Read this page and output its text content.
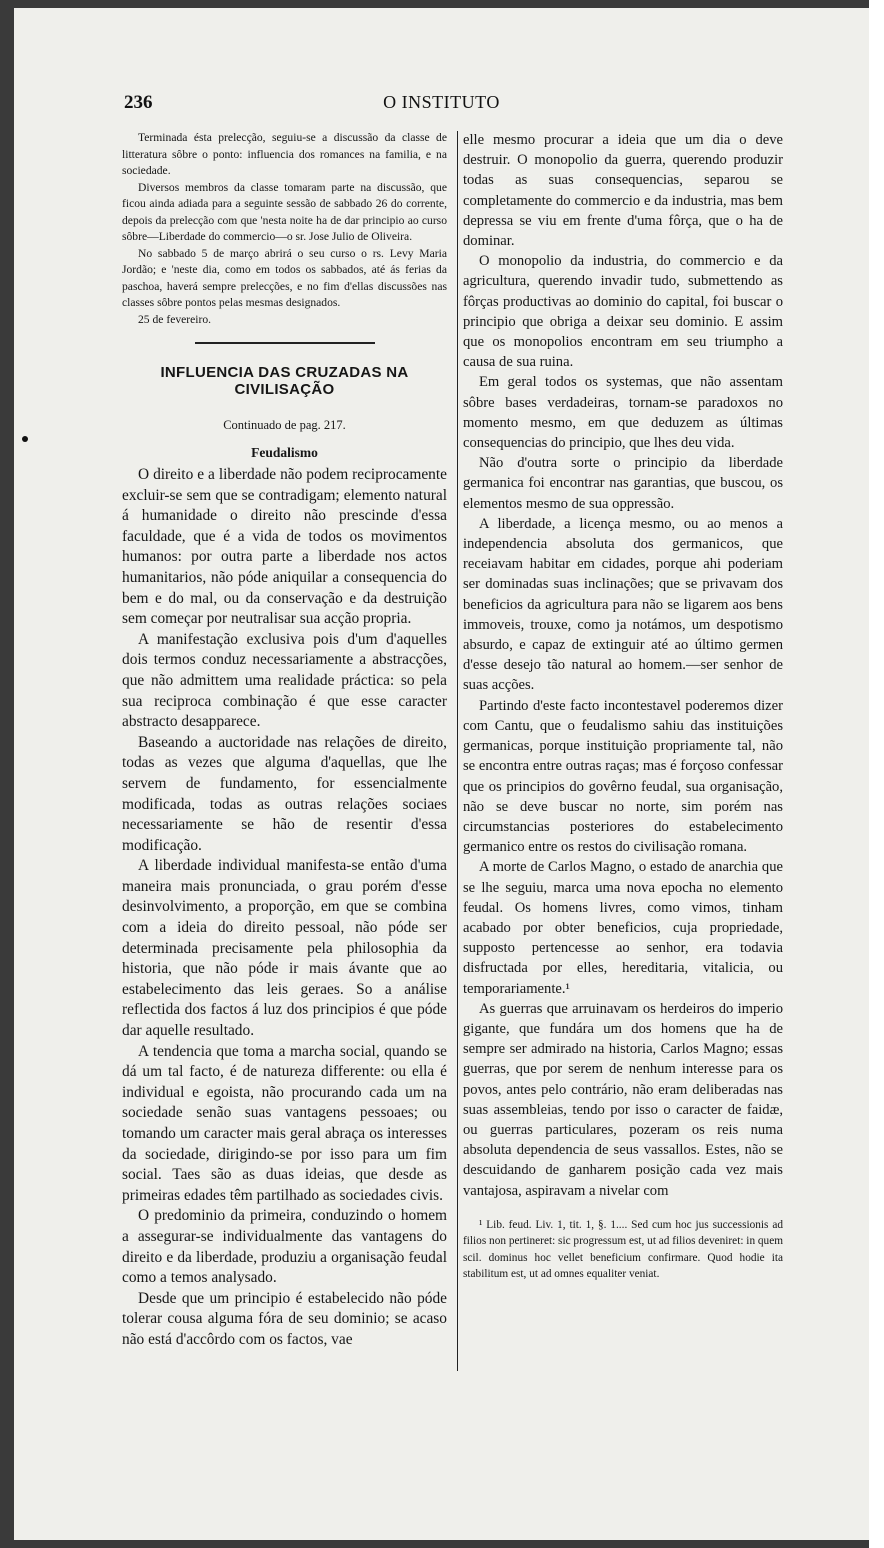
236	O INSTITUTO

Terminada ésta prelecção, seguiu-se a discussão da classe de litteratura sôbre o ponto: influencia dos romances na familia, e na sociedade.

Diversos membros da classe tomaram parte na discussão, que ficou ainda adiada para a seguinte sessão de sabbado 26 do corrente, depois da prelecção com que 'nesta noite ha de dar principio ao curso sôbre—Liberdade do commercio—o sr. Jose Julio de Oliveira.

No sabbado 5 de março abrirá o seu curso o rs. Levy Maria Jordão; e 'neste dia, como em todos os sabbados, até ás ferias da paschoa, haverá sempre prelecções, e no fim d'ellas discussões nas classes sôbre pontos pelas mesmas designados.

25 de fevereiro.

INFLUENCIA DAS CRUZADAS NA CIVILISAÇÃO
Continuado de pag. 217.
Feudalismo

O direito e a liberdade não podem reciprocamente excluir-se sem que se contradigam; elemento natural á humanidade o direito não prescinde d'essa faculdade, que é a vida de todos os movimentos humanos: por outra parte a liberdade nos actos humanitarios, não póde aniquilar a consequencia do bem e do mal, ou da conservação e da destruição sem começar por neutralisar sua acção propria.

A manifestação exclusiva pois d'um d'aquelles dois termos conduz necessariamente a abstracções, que não admittem uma realidade práctica: so pela sua reciproca combinação é que esse caracter abstracto desapparece.

Baseando a auctoridade nas relações de direito, todas as vezes que alguma d'aquellas, que lhe servem de fundamento, for essencialmente modificada, todas as outras relações sociaes necessariamente se hão de resentir d'essa modificação.

A liberdade individual manifesta-se então d'uma maneira mais pronunciada, o grau porém d'esse desinvolvimento, a proporção, em que se combina com a ideia do direito pessoal, não póde ser determinada precisamente pela philosophia da historia, que não póde ir mais ávante que ao estabelecimento das leis geraes. So a análise reflectida dos factos á luz dos principios é que póde dar aquelle resultado.

A tendencia que toma a marcha social, quando se dá um tal facto, é de natureza differente: ou ella é individual e egoista, não procurando cada um na sociedade senão suas vantagens pessoaes; ou tomando um caracter mais geral abraça os interesses da sociedade, dirigindo-se por isso para um fim social. Taes são as duas ideias, que desde as primeiras edades têm partilhado as sociedades civis.

O predominio da primeira, conduzindo o homem a assegurar-se individualmente das vantagens do direito e da liberdade, produziu a organisação feudal como a temos analysado.

Desde que um principio é estabelecido não póde tolerar cousa alguma fóra de seu dominio; se acaso não está d'accôrdo com os factos, vae

elle mesmo procurar a ideia que um dia o deve destruir. O monopolio da guerra, querendo produzir todas as suas consequencias, separou se completamente do commercio e da industria, mas bem depressa se viu em frente d'uma fôrça, que o ha de dominar.

O monopolio da industria, do commercio e da agricultura, querendo invadir tudo, submettendo as fôrças productivas ao dominio do capital, foi buscar o principio que obriga a deixar seu dominio. E assim que os monopolios encontram em seu triumpho a causa de sua ruina.

Em geral todos os systemas, que não assentam sôbre bases verdadeiras, tornam-se paradoxos no momento mesmo, em que deduzem as últimas consequencias do principio, que lhes deu vida.

Não d'outra sorte o principio da liberdade germanica foi encontrar nas garantias, que buscou, os elementos mesmo de sua oppressão.

A liberdade, a licença mesmo, ou ao menos a independencia absoluta dos germanicos, que receiavam habitar em cidades, porque ahi poderiam ser dominadas suas inclinações; que se privavam dos beneficios da agricultura para não se ligarem aos bens immoveis, trouxe, como ja notámos, um despotismo absurdo, e capaz de extinguir até ao último germen d'esse desejo tão natural ao homem.—ser senhor de suas acções.

Partindo d'este facto incontestavel poderemos dizer com Cantu, que o feudalismo sahiu das instituições germanicas, porque instituição propriamente tal, não se encontra entre outras raças; mas é forçoso confessar que os principios do govêrno feudal, sua organisação, não se deve buscar no norte, sim porém nas circumstancias posteriores do estabelecimento germanico entre os restos do civilisação romana.

A morte de Carlos Magno, o estado de anarchia que se lhe seguiu, marca uma nova epocha no elemento feudal. Os homens livres, como vimos, tinham acabado por obter beneficios, cuja propriedade, supposto pertencesse ao senhor, era todavia disfructada por elles, hereditaria, vitalicia, ou temporariamente.¹

As guerras que arruinavam os herdeiros do imperio gigante, que fundára um dos homens que ha de sempre ser admirado na historia, Carlos Magno; essas guerras, que por serem de nenhum interesse para os povos, antes pelo contrário, não eram deliberadas nas suas assembleias, tendo por isso o caracter de faidæ, ou guerras particulares, pozeram os reis numa absoluta dependencia de seus vassallos. Estes, não se descuidando de ganharem posição cada vez mais vantajosa, aspiravam a nivelar com

¹ Lib. feud. Liv. 1, tit. 1, §. 1.... Sed cum hoc jus successionis ad filios non pertineret: sic progressum est, ut ad filios deveniret: in quem scil. dominus hoc vellet beneficium confirmare. Quod hodie ita stabilitum est, ut ad omnes equaliter veniat.
